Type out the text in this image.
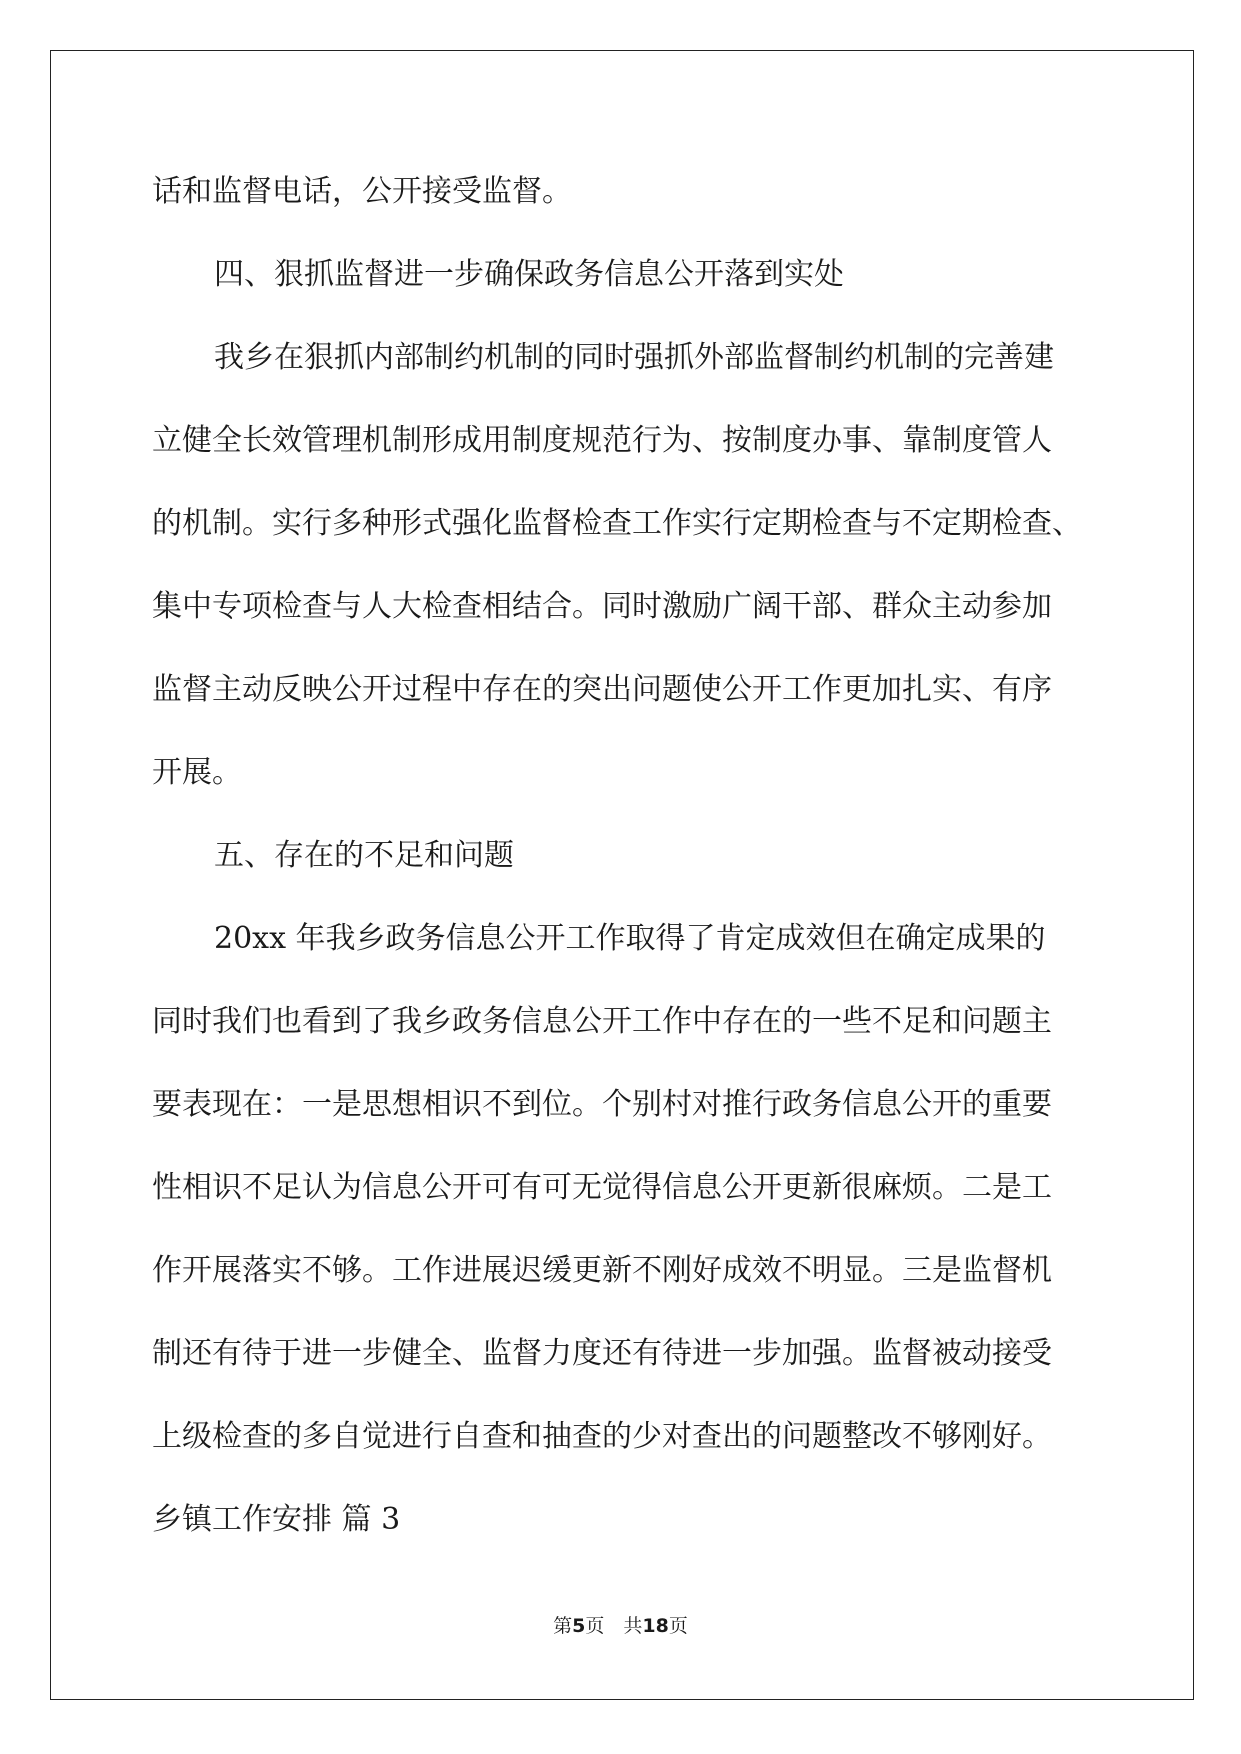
话和监督电话，公开接受监督。
四、狠抓监督进一步确保政务信息公开落到实处
我乡在狠抓内部制约机制的同时强抓外部监督制约机制的完善建
立健全长效管理机制形成用制度规范行为、按制度办事、靠制度管人
的机制。实行多种形式强化监督检查工作实行定期检查与不定期检查、
集中专项检查与人大检查相结合。同时激励广阔干部、群众主动参加
监督主动反映公开过程中存在的突出问题使公开工作更加扎实、有序
开展。
五、存在的不足和问题
20xx 年我乡政务信息公开工作取得了肯定成效但在确定成果的
同时我们也看到了我乡政务信息公开工作中存在的一些不足和问题主
要表现在：一是思想相识不到位。个别村对推行政务信息公开的重要
性相识不足认为信息公开可有可无觉得信息公开更新很麻烦。二是工
作开展落实不够。工作进展迟缓更新不刚好成效不明显。三是监督机
制还有待于进一步健全、监督力度还有待进一步加强。监督被动接受
上级检查的多自觉进行自查和抽查的少对查出的问题整改不够刚好。
乡镇工作安排 篇 3
第5页　共18页
